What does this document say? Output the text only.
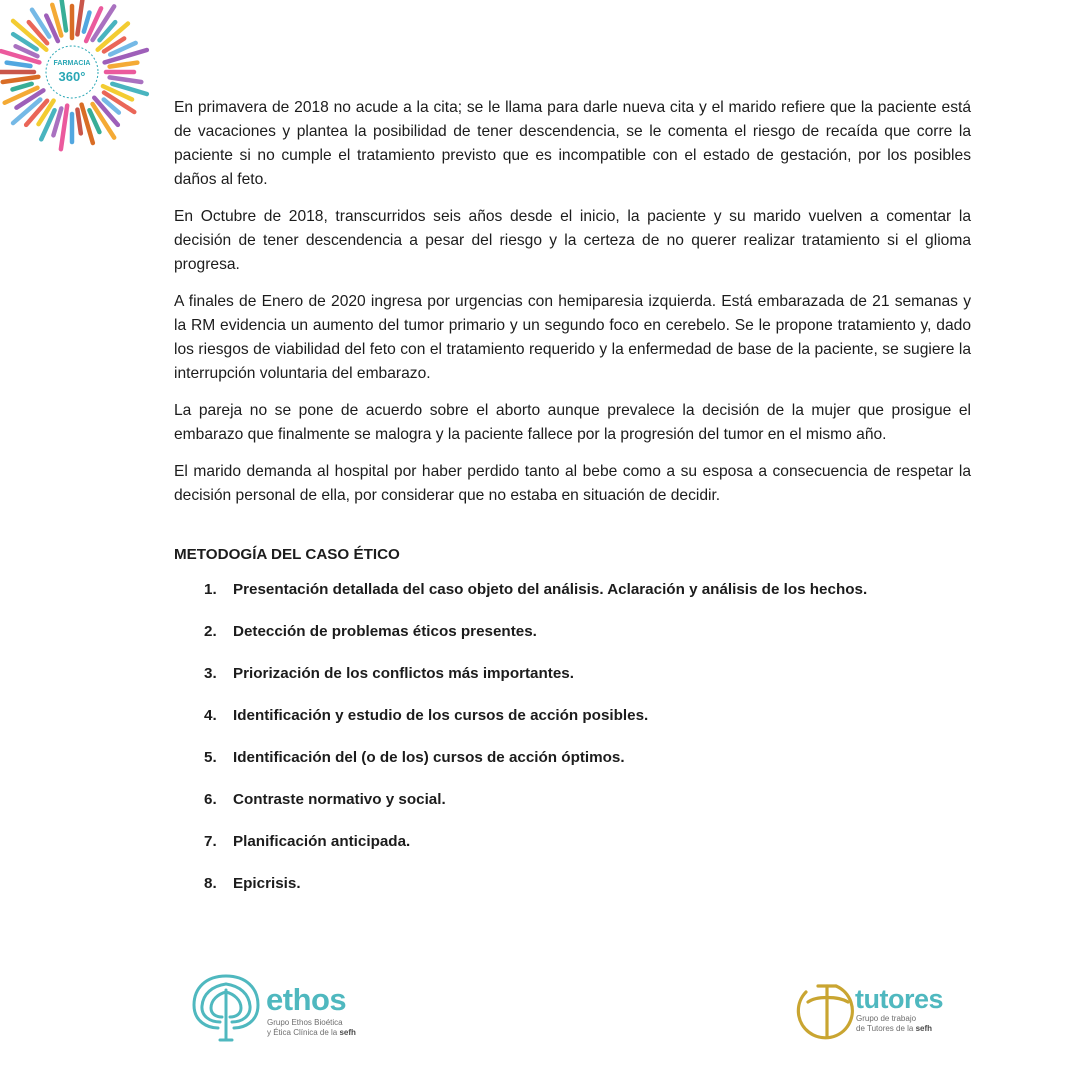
FARMACIA
360°

En primavera de 2018 no acude a la cita; se le llama para darle nueva cita y el marido refiere que la paciente está de vacaciones y plantea la posibilidad de tener descendencia, se le comenta el riesgo de recaída que corre la paciente si no cumple el tratamiento previsto que es incompatible con el estado de gestación, por los posibles daños al feto.

En Octubre de 2018, transcurridos seis años desde el inicio, la paciente y su marido vuelven a comentar la decisión de tener descendencia a pesar del riesgo y la certeza de no querer realizar tratamiento si el glioma progresa.

A finales de Enero de 2020 ingresa por urgencias con hemiparesia izquierda. Está embarazada de 21 semanas y la RM evidencia un aumento del tumor primario y un segundo foco en cerebelo. Se le propone tratamiento y, dado los riesgos de viabilidad del feto con el tratamiento requerido y la enfermedad de base de la paciente, se sugiere la interrupción voluntaria del embarazo.

La pareja no se pone de acuerdo sobre el aborto aunque prevalece la decisión de la mujer que prosigue el embarazo que finalmente se malogra y la paciente fallece por la progresión del tumor en el mismo año.

El marido demanda al hospital por haber perdido tanto al bebe como a su esposa a consecuencia de respetar la decisión personal de ella, por considerar que no estaba en situación de decidir.

METODOGÍA DEL CASO ÉTICO
1.	Presentación detallada del caso objeto del análisis. Aclaración y análisis de los hechos.
2.	Detección de problemas éticos presentes.
3.	Priorización de los conflictos más importantes.
4.	Identificación y estudio de los cursos de acción posibles.
5.	Identificación del (o de los) cursos de acción óptimos.
6.	Contraste normativo y social.
7.	Planificación anticipada.
8.	Epicrisis.
ethos
Grupo Ethos Bioética
y Ética Clínica de la sefh
tutores
Grupo de trabajo
de Tutores de la sefh
